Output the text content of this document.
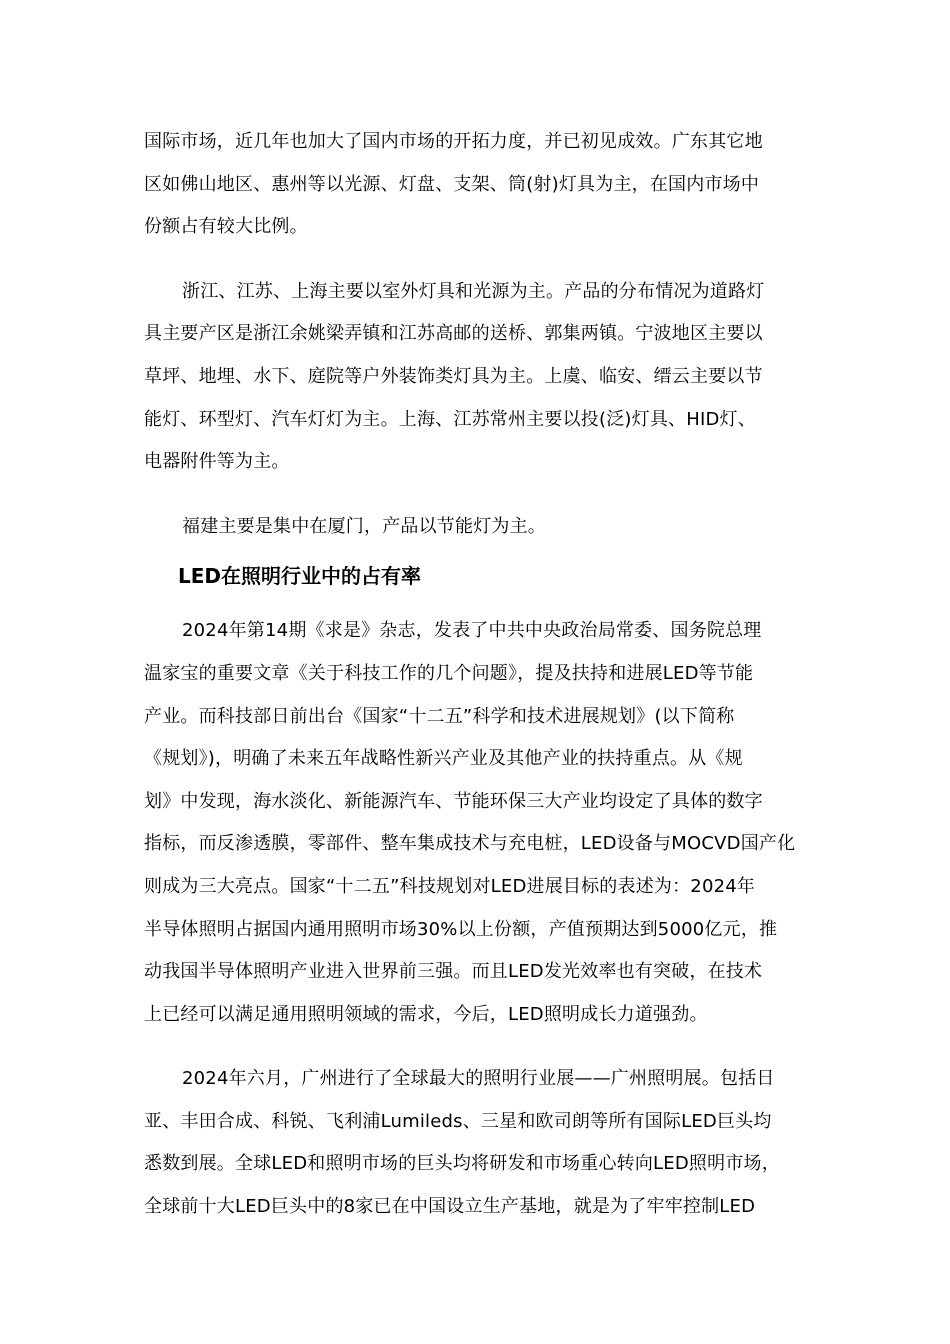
国际市场，近几年也加大了国内市场的开拓力度，并已初见成效。广东其它地
区如佛山地区、惠州等以光源、灯盘、支架、筒(射)灯具为主，在国内市场中
份额占有较大比例。

浙江、江苏、上海主要以室外灯具和光源为主。产品的分布情况为道路灯
具主要产区是浙江余姚梁弄镇和江苏高邮的送桥、郭集两镇。宁波地区主要以
草坪、地埋、水下、庭院等户外装饰类灯具为主。上虞、临安、缙云主要以节
能灯、环型灯、汽车灯灯为主。上海、江苏常州主要以投(泛)灯具、HID灯、
电器附件等为主。

福建主要是集中在厦门，产品以节能灯为主。

LED在照明行业中的占有率

2024年第14期《求是》杂志，发表了中共中央政治局常委、国务院总理
温家宝的重要文章《关于科技工作的几个问题》，提及扶持和进展LED等节能
产业。而科技部日前出台《国家“十二五”科学和技术进展规划》(以下简称
《规划》)，明确了未来五年战略性新兴产业及其他产业的扶持重点。从《规
划》中发现，海水淡化、新能源汽车、节能环保三大产业均设定了具体的数字
指标，而反渗透膜，零部件、整车集成技术与充电桩，LED设备与MOCVD国产化
则成为三大亮点。国家“十二五”科技规划对LED进展目标的表述为：2024年
半导体照明占据国内通用照明市场30%以上份额，产值预期达到5000亿元，推
动我国半导体照明产业进入世界前三强。而且LED发光效率也有突破，在技术
上已经可以满足通用照明领域的需求，今后，LED照明成长力道强劲。

2024年六月，广州进行了全球最大的照明行业展——广州照明展。包括日
亚、丰田合成、科锐、飞利浦Lumileds、三星和欧司朗等所有国际LED巨头均
悉数到展。全球LED和照明市场的巨头均将研发和市场重心转向LED照明市场，
全球前十大LED巨头中的8家已在中国设立生产基地，就是为了牢牢控制LED
